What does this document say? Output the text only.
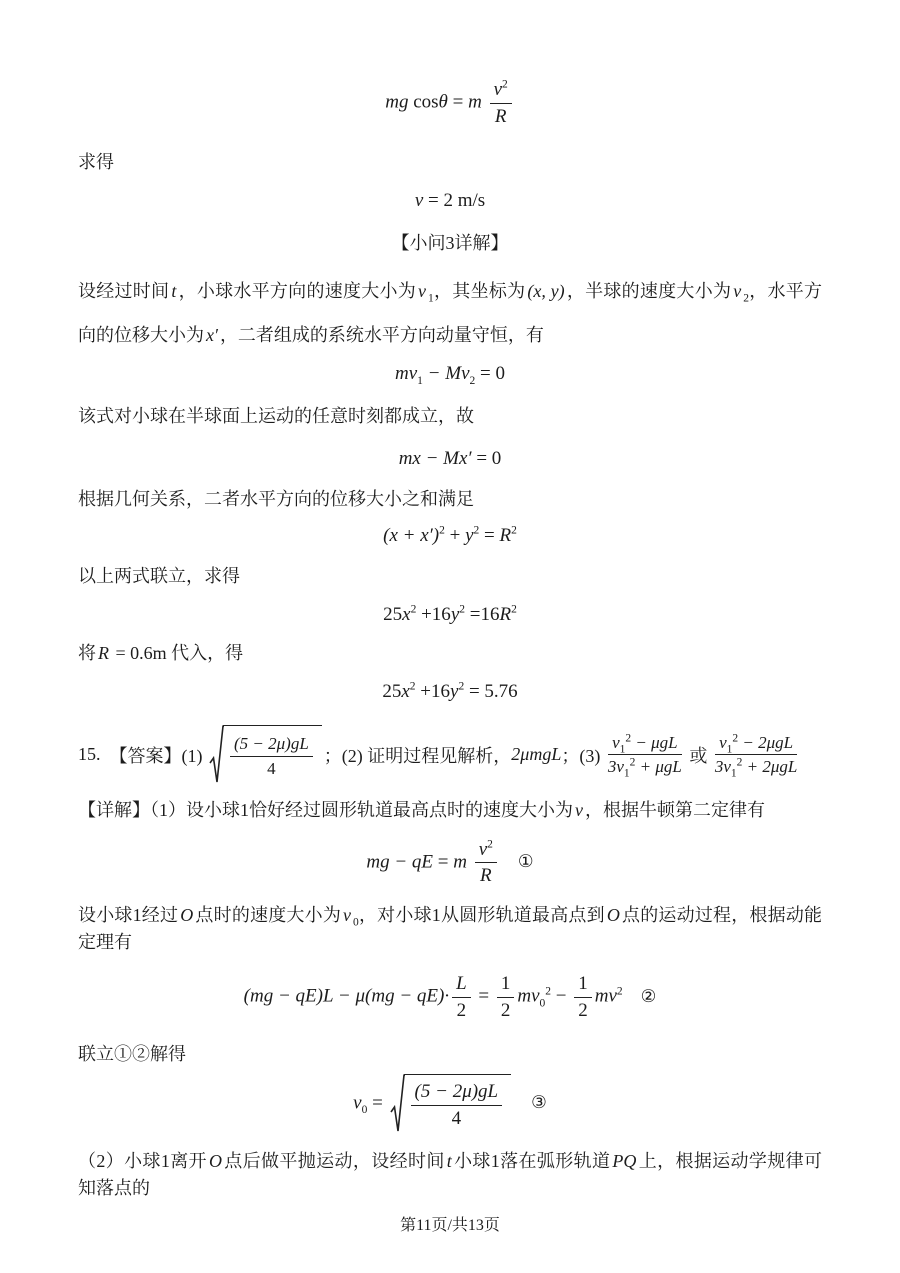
mg cosθ = m $\frac{v^2}{R}$

求得

v = 2 m/s

【小问3详解】

设经过时间 t ，小球水平方向的速度大小为 v $_1$，其坐标为 (x, y) ，半球的速度大小为 v $_2$，水平方向的位移大小为 x′ ，二者组成的系统水平方向动量守恒，有

$mv_1 - Mv_2 = 0$

该式对小球在半球面上运动的任意时刻都成立，故

mx − Mx′ = 0

根据几何关系，二者水平方向的位移大小之和满足

$(x + x')^2 + y^2 = R^2$

以上两式联立，求得

$25x^2 +16y^2 =16R^2$

将 R = 0.6m 代入，得

$25x^2 +16y^2 = 5.76$
15. 【答案】$(1) \frac{(5 - 2\mu)gL}{4}$ ；(2) 证明过程见解析， 2μmgL ；$(3) \frac{v_1^2 - \mu gL}{3v_1^2 + \mu gL}$ 或 $\frac{v_1^2 - 2\mu gL}{3v_1^2 + 2\mu gL}$

【详解】（1）设小球1恰好经过圆形轨道最高点时的速度大小为 v ，根据牛顿第二定律有

mg − qE = m $\frac{v^2}{R}$ ①

设小球1经过 O 点时的速度大小为 v $_0$，对小球1从圆形轨道最高点到 O 点的运动过程，根据动能定理有

$(mg - qE)L - \mu(mg - qE)\cdot \frac{L}{2} = \frac{1}{2} mv_0^2 - \frac{1}{2} mv^2$ ②

联立①②解得

$v_0 = \frac{(5 - 2\mu)gL}{4}$ ③

（2）小球1离开 O 点后做平抛运动，设经时间 t 小球1落在弧形轨道 PQ 上，根据运动学规律可知落点的

第11页/共13页
